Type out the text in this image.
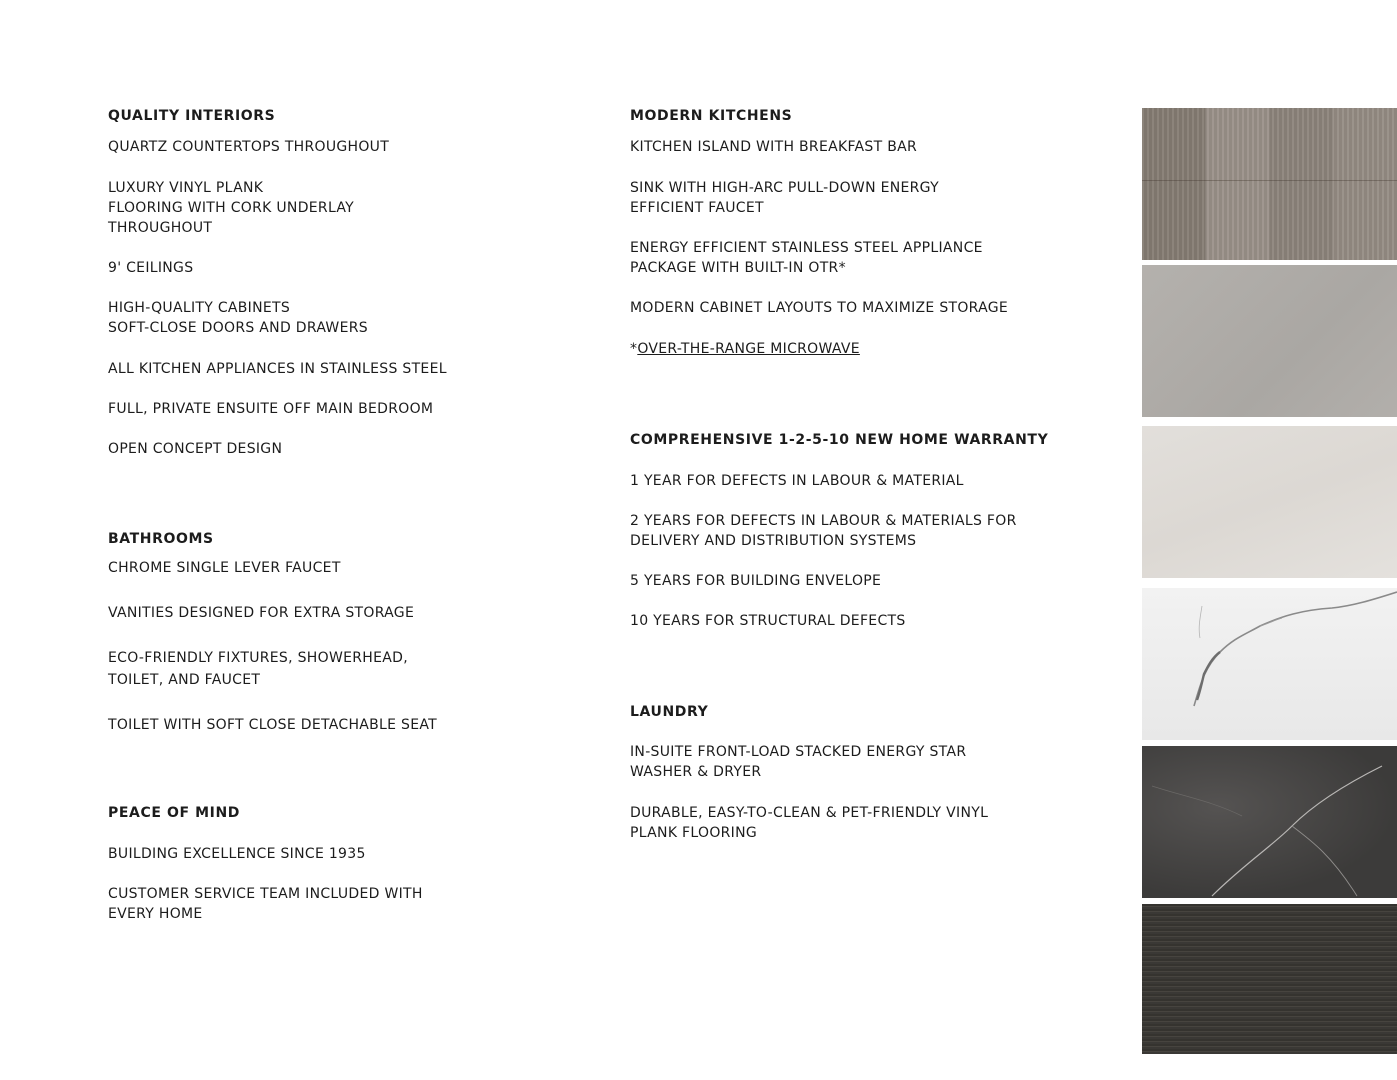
QUALITY INTERIORS
QUARTZ COUNTERTOPS THROUGHOUT
LUXURY VINYL PLANK
FLOORING WITH CORK UNDERLAY
THROUGHOUT
9' CEILINGS
HIGH-QUALITY CABINETS
SOFT-CLOSE DOORS AND DRAWERS
ALL KITCHEN APPLIANCES IN STAINLESS STEEL
FULL, PRIVATE ENSUITE OFF MAIN BEDROOM
OPEN CONCEPT DESIGN
BATHROOMS
CHROME SINGLE LEVER FAUCET
VANITIES DESIGNED FOR EXTRA STORAGE
ECO-FRIENDLY FIXTURES, SHOWERHEAD,
TOILET, AND FAUCET
TOILET WITH SOFT CLOSE DETACHABLE SEAT
PEACE OF MIND
BUILDING EXCELLENCE SINCE 1935
CUSTOMER SERVICE TEAM INCLUDED WITH
EVERY HOME
MODERN KITCHENS
KITCHEN ISLAND WITH BREAKFAST BAR
SINK WITH HIGH-ARC PULL-DOWN ENERGY
EFFICIENT FAUCET
ENERGY EFFICIENT STAINLESS STEEL APPLIANCE
PACKAGE WITH BUILT-IN OTR*
MODERN CABINET LAYOUTS TO MAXIMIZE STORAGE
*OVER-THE-RANGE MICROWAVE
COMPREHENSIVE 1-2-5-10 NEW HOME WARRANTY
1 YEAR FOR DEFECTS IN LABOUR & MATERIAL
2 YEARS FOR DEFECTS IN LABOUR & MATERIALS FOR
DELIVERY AND DISTRIBUTION SYSTEMS
5 YEARS FOR BUILDING ENVELOPE
10 YEARS FOR STRUCTURAL DEFECTS
LAUNDRY
IN-SUITE FRONT-LOAD STACKED ENERGY STAR
WASHER & DRYER
DURABLE, EASY-TO-CLEAN & PET-FRIENDLY VINYL
PLANK FLOORING
